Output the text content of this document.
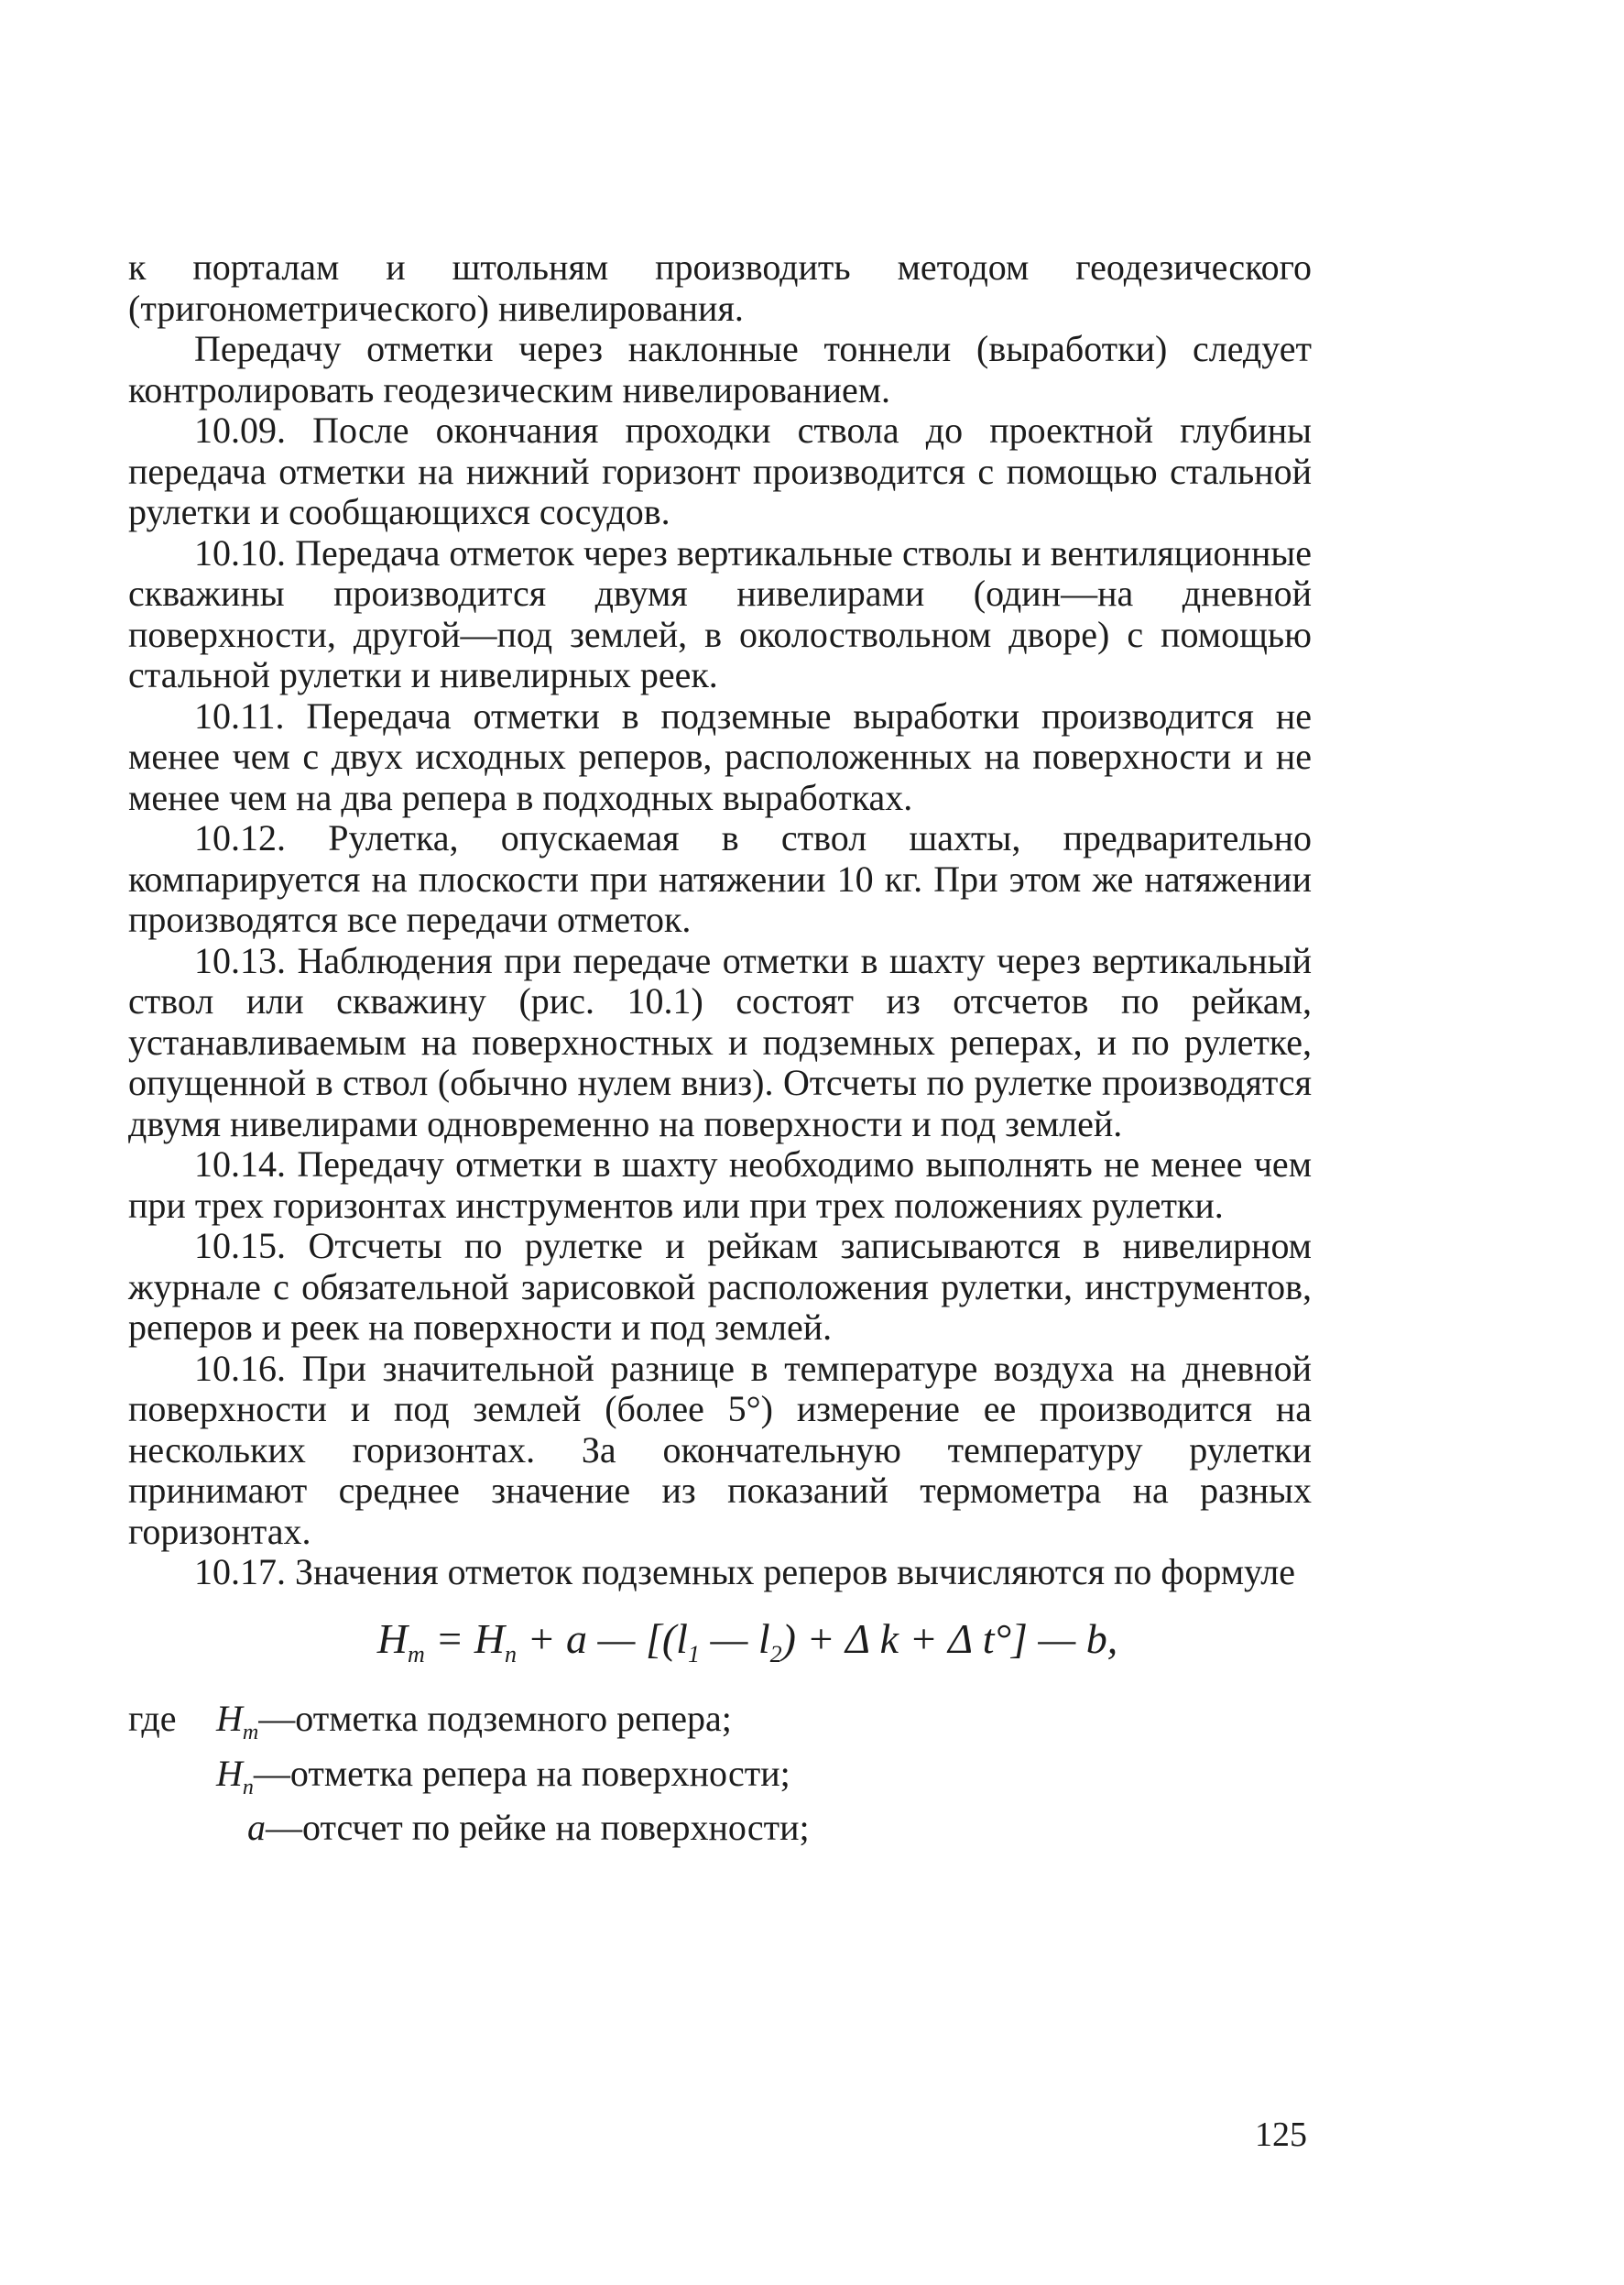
к порталам и штольням производить методом геодезического (тригонометрического) нивелирования.

Передачу отметки через наклонные тоннели (выработки) следует контролировать геодезическим нивелированием.

10.09. После окончания проходки ствола до проектной глубины передача отметки на нижний горизонт производится с помощью стальной рулетки и сообщающихся сосудов.

10.10. Передача отметок через вертикальные стволы и вентиляционные скважины производится двумя нивелирами (один—на дневной поверхности, другой—под землей, в околоствольном дворе) с помощью стальной рулетки и нивелирных реек.

10.11. Передача отметки в подземные выработки производится не менее чем с двух исходных реперов, расположенных на поверхности и не менее чем на два репера в подходных выработках.

10.12. Рулетка, опускаемая в ствол шахты, предварительно компарируется на плоскости при натяжении 10 кг. При этом же натяжении производятся все передачи отметок.

10.13. Наблюдения при передаче отметки в шахту через вертикальный ствол или скважину (рис. 10.1) состоят из отсчетов по рейкам, устанавливаемым на поверхностных и подземных реперах, и по рулетке, опущенной в ствол (обычно нулем вниз). Отсчеты по рулетке производятся двумя нивелирами одновременно на поверхности и под землей.

10.14. Передачу отметки в шахту необходимо выполнять не менее чем при трех горизонтах инструментов или при трех положениях рулетки.

10.15. Отсчеты по рулетке и рейкам записываются в нивелирном журнале с обязательной зарисовкой расположения рулетки, инструментов, реперов и реек на поверхности и под землей.

10.16. При значительной разнице в температуре воздуха на дневной поверхности и под землей (более 5°) измерение ее производится на нескольких горизонтах. За окончательную температуру рулетки принимают среднее значение из показаний термометра на разных горизонтах.

10.17. Значения отметок подземных реперов вычисляются по формуле

$H_т = H_п + a$ — [($l_1$ — $l_2) + \Delta$ k + Δ t°] — b,
где	$H_т$ —отметка подземного репера;
$H_п$ —отметка репера на поверхности;
a —отсчет по рейке на поверхности;
125
